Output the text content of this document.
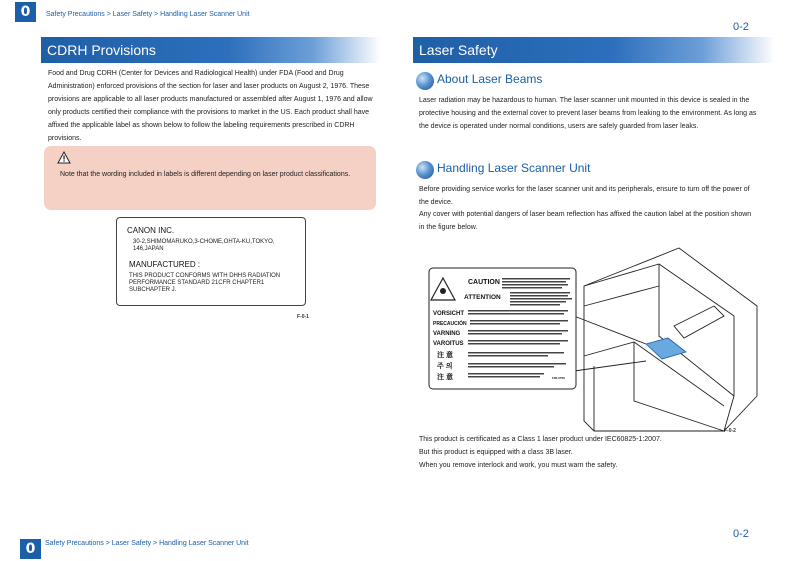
0	Safety Precautions > Laser Safety > Handling Laser Scanner Unit
0-2
CDRH Provisions
Food and Drug CDRH (Center for Devices and Radiological Health) under FDA (Food and Drug Administration) enforced provisions of the section for laser and laser products on August 2, 1976. These provisions are applicable to all laser products manufactured or assembled after August 1, 1976 and allow only products certified their compliance with the provisions to market in the US. Each product shall have affixed the applicable label as shown below to follow the labeling requirements prescribed in CDRH provisions.
Note that the wording included in labels is different depending on laser product classifications.
CANON INC.
30-2,SHIMOMARUKO,3-CHOME,OHTA-KU,TOKYO, 146,JAPAN
MANUFACTURED :
THIS PRODUCT CONFORMS WITH DHHS RADIATION PERFORMANCE STANDARD 21CFR CHAPTER1 SUBCHAPTER J.
F-0-1
Laser Safety
About Laser Beams
Laser radiation may be hazardous to human. The laser scanner unit mounted in this device is sealed in the protective housing and the external cover to prevent laser beams from leaking to the environment. As long as the device is operated under normal conditions, users are safely guarded from laser leaks.
Handling Laser Scanner Unit
Before providing service works for the laser scanner unit and its peripherals, ensure to turn off the power of the device.
Any cover with potential dangers of laser beam reflection has affixed the caution label at the position shown in the figure below.
CAUTION
ATTENTION
VORSICHT
PRECAUCIÓN
VARNING
VAROITUS
注 意
주 의
注 意	F00-0700
F-0-2
This product is certificated as a Class 1 laser product under IEC60825-1:2007.
But this product is equipped with a class 3B laser.
When you remove interlock and work, you must warn the safety.
0	Safety Precautions > Laser Safety > Handling Laser Scanner Unit
0-2
